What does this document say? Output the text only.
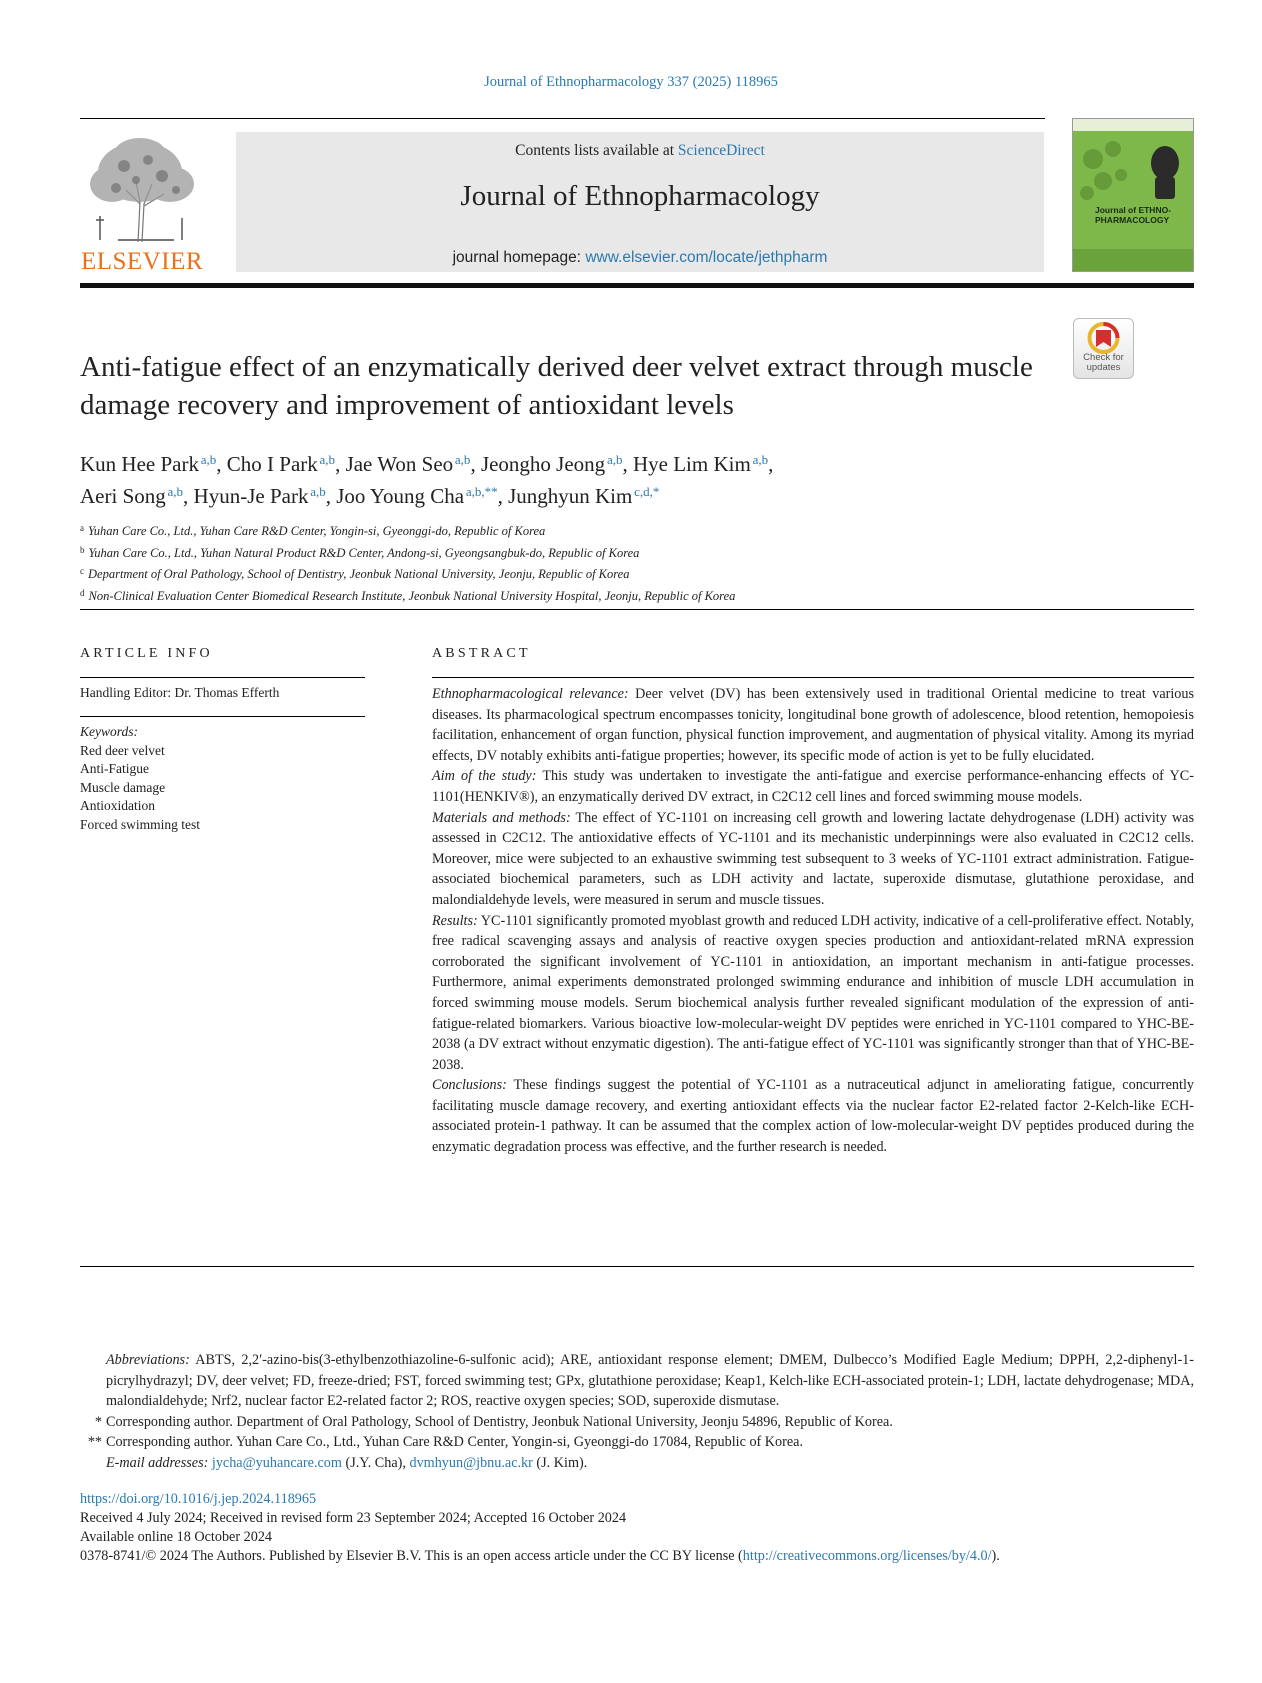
Journal of Ethnopharmacology 337 (2025) 118965
ELSEVIER
Contents lists available at ScienceDirect
Journal of Ethnopharmacology
journal homepage: www.elsevier.com/locate/jethpharm
Journal of ETHNO-PHARMACOLOGY
Check for
updates
Anti-fatigue effect of an enzymatically derived deer velvet extract through muscle damage recovery and improvement of antioxidant levels
Kun Hee Park  $^{a,b}$, Cho I Park  $^{a,b}$, Jae Won Seo  $^{a,b}$, Jeongho Jeong  $^{a,b}$, Hye Lim Kim  $^{a,b}$,
Aeri Song  $^{a,b}$, Hyun-Je Park  $^{a,b}$, Joo Young Cha  $^{a,b,**}$, Junghyun Kim  $^{c,d,*}$
$^a$ Yuhan Care Co., Ltd., Yuhan Care R&D Center, Yongin-si, Gyeonggi-do, Republic of Korea
$^b$ Yuhan Care Co., Ltd., Yuhan Natural Product R&D Center, Andong-si, Gyeongsangbuk-do, Republic of Korea
$^c$ Department of Oral Pathology, School of Dentistry, Jeonbuk National University, Jeonju, Republic of Korea
$^d$ Non-Clinical Evaluation Center Biomedical Research Institute, Jeonbuk National University Hospital, Jeonju, Republic of Korea
ARTICLE INFO
Handling Editor: Dr. Thomas Efferth
Keywords:
Red deer velvet
Anti-Fatigue
Muscle damage
Antioxidation
Forced swimming test
ABSTRACT

Ethnopharmacological relevance: Deer velvet (DV) has been extensively used in traditional Oriental medicine to treat various diseases. Its pharmacological spectrum encompasses tonicity, longitudinal bone growth of adolescence, blood retention, hemopoiesis facilitation, enhancement of organ function, physical function improvement, and augmentation of physical vitality. Among its myriad effects, DV notably exhibits anti-fatigue properties; however, its specific mode of action is yet to be fully elucidated.

Aim of the study: This study was undertaken to investigate the anti-fatigue and exercise performance-enhancing effects of YC-1101(HENKIV®), an enzymatically derived DV extract, in C2C12 cell lines and forced swimming mouse models.

Materials and methods: The effect of YC-1101 on increasing cell growth and lowering lactate dehydrogenase (LDH) activity was assessed in C2C12. The antioxidative effects of YC-1101 and its mechanistic underpinnings were also evaluated in C2C12 cells. Moreover, mice were subjected to an exhaustive swimming test subsequent to 3 weeks of YC-1101 extract administration. Fatigue-associated biochemical parameters, such as LDH activity and lactate, superoxide dismutase, glutathione peroxidase, and malondialdehyde levels, were measured in serum and muscle tissues.

Results: YC-1101 significantly promoted myoblast growth and reduced LDH activity, indicative of a cell-proliferative effect. Notably, free radical scavenging assays and analysis of reactive oxygen species production and antioxidant-related mRNA expression corroborated the significant involvement of YC-1101 in antioxidation, an important mechanism in anti-fatigue processes. Furthermore, animal experiments demonstrated prolonged swimming endurance and inhibition of muscle LDH accumulation in forced swimming mouse models. Serum biochemical analysis further revealed significant modulation of the expression of anti-fatigue-related biomarkers. Various bioactive low-molecular-weight DV peptides were enriched in YC-1101 compared to YHC-BE-2038 (a DV extract without enzymatic digestion). The anti-fatigue effect of YC-1101 was significantly stronger than that of YHC-BE-2038.

Conclusions: These findings suggest the potential of YC-1101 as a nutraceutical adjunct in ameliorating fatigue, concurrently facilitating muscle damage recovery, and exerting antioxidant effects via the nuclear factor E2-related factor 2-Kelch-like ECH-associated protein-1 pathway. It can be assumed that the complex action of low-molecular-weight DV peptides produced during the enzymatic degradation process was effective, and the further research is needed.

Abbreviations: ABTS, 2,2′-azino-bis(3-ethylbenzothiazoline-6-sulfonic acid); ARE, antioxidant response element; DMEM, Dulbecco’s Modified Eagle Medium; DPPH, 2,2-diphenyl-1-picrylhydrazyl; DV, deer velvet; FD, freeze-dried; FST, forced swimming test; GPx, glutathione peroxidase; Keap1, Kelch-like ECH-associated protein-1; LDH, lactate dehydrogenase; MDA, malondialdehyde; Nrf2, nuclear factor E2-related factor 2; ROS, reactive oxygen species; SOD, superoxide dismutase.

* Corresponding author. Department of Oral Pathology, School of Dentistry, Jeonbuk National University, Jeonju 54896, Republic of Korea.

** Corresponding author. Yuhan Care Co., Ltd., Yuhan Care R&D Center, Yongin-si, Gyeonggi-do 17084, Republic of Korea.

E-mail addresses: jycha@yuhancare.com (J.Y. Cha), dvmhyun@jbnu.ac.kr (J. Kim).

https://doi.org/10.1016/j.jep.2024.118965

Received 4 July 2024; Received in revised form 23 September 2024; Accepted 16 October 2024

Available online 18 October 2024

0378-8741/© 2024 The Authors. Published by Elsevier B.V. This is an open access article under the CC BY license (http://creativecommons.org/licenses/by/4.0/).
